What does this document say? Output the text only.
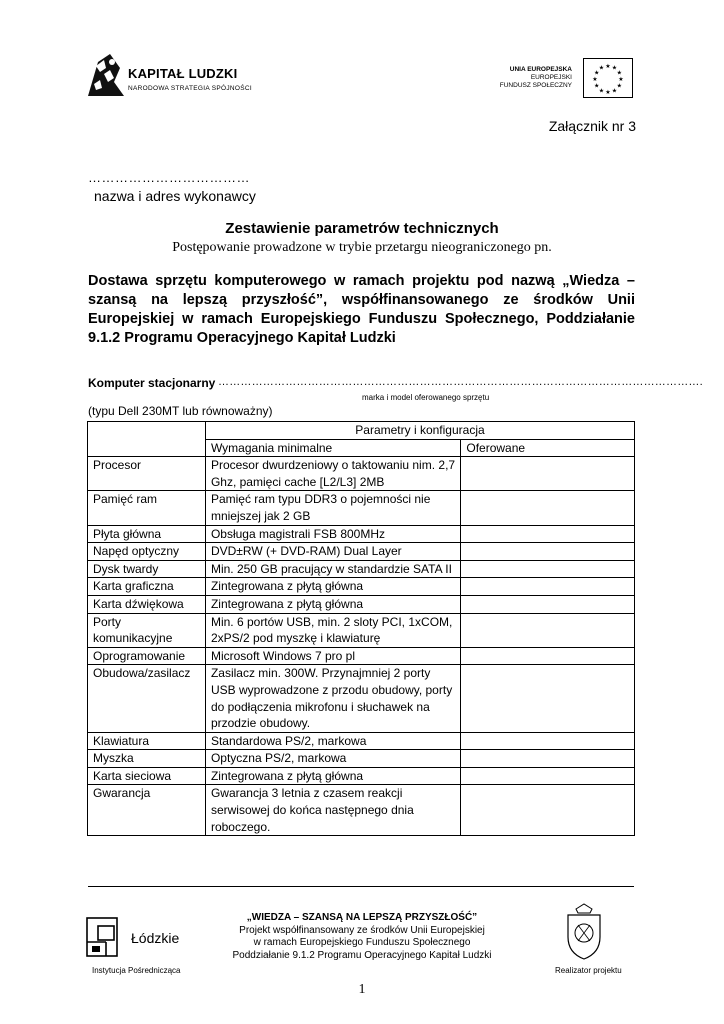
KAPITAŁ LUDZKI
NARODOWA STRATEGIA SPÓJNOŚCI
UNIA EUROPEJSKA
EUROPEJSKI
FUNDUSZ SPOŁECZNY
★ ★
★
★
★
★
★
★
★
★
★
★
Załącznik nr 3
………………………………
nazwa i adres wykonawcy
Zestawienie parametrów technicznych
Postępowanie prowadzone w trybie przetargu nieograniczonego pn.
Dostawa sprzętu komputerowego w ramach projektu pod nazwą „Wiedza – szansą na lepszą przyszłość”, współfinansowanego ze środków Unii Europejskiej w ramach Europejskiego Funduszu Społecznego, Poddziałanie 9.1.2 Programu Operacyjnego Kapitał Ludzki
Komputer stacjonarny ………………………………………………………………………………………………………………….
marka i model oferowanego sprzętu
(typu Dell 230MT lub równoważny)
	Parametry i konfiguracja	
	Wymagania minimalne	Oferowane
Procesor	Procesor dwurdzeniowy o taktowaniu nim. 2,7 Ghz, pamięci cache [L2/L3] 2MB	
Pamięć ram	Pamięć ram typu DDR3 o pojemności nie mniejszej jak 2 GB	
Płyta główna	Obsługa magistrali FSB 800MHz	
Napęd optyczny	DVD±RW (+ DVD-RAM) Dual Layer	
Dysk twardy	Min. 250 GB pracujący w standardzie SATA II	
Karta graficzna	Zintegrowana z płytą główna	
Karta dźwiękowa	Zintegrowana z płytą główna	
Porty komunikacyjne	Min. 6 portów USB, min. 2 sloty PCI, 1xCOM, 2xPS/2 pod myszkę i klawiaturę	
Oprogramowanie	Microsoft Windows 7 pro pl	
Obudowa/zasilacz	Zasilacz min. 300W. Przynajmniej 2 porty USB wyprowadzone z przodu obudowy, porty do podłączenia mikrofonu i słuchawek na przodzie obudowy.	
Klawiatura	Standardowa PS/2, markowa	
Myszka	Optyczna PS/2, markowa	
Karta sieciowa	Zintegrowana z płytą główna	
Gwarancja	Gwarancja 3 letnia z czasem reakcji serwisowej do końca następnego dnia roboczego.	
Łódzkie
Instytucja Pośrednicząca
„WIEDZA – SZANSĄ NA LEPSZĄ PRZYSZŁOŚĆ”
Projekt współfinansowany ze środków Unii Europejskiej
w ramach Europejskiego Funduszu Społecznego
Poddziałanie 9.1.2 Programu Operacyjnego Kapitał Ludzki
Realizator projektu
1
